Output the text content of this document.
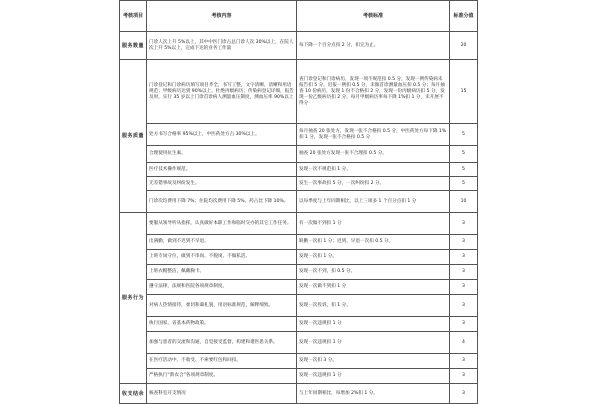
考核项目	考核内容	考核标准	标准分值
服务数量	门诊人次上升 5%以上，其中中医门诊占总门诊人次 30%以上，在院人次上升 5%以上，完成下达的业务工作量	每下降一个百分点扣 2 分，扣完为止。	20
服务质量	门诊登记和门诊病历填写项目齐全，书写工整，文字清晰，清晰和用语规范；甲级病历达到 90%以上，杜绝丙级病历；传染病登记详细，报告及时，实行 35 岁以上门诊首诊病人测量血压制度，测血压率 90%以上	查门诊登记和门诊病历，发现一项不规范扣 0.5 分，发现一例传染病未报告扣 5 分，迟报一例扣 0.5 分，未做首诊测量血压扣 0.5 分；每月抽查 10 份病历，发现 1 份不合格扣 2 分，发现一份丙级病历扣 5 分，发现一份乙级病历扣 2 分，每月甲级病历率每下降 1%扣 1 分，未开展不得分	15
	处方书写合格率 95%以上，中医药处方占 30%以上。	每月抽查 20 张处方，发现一张不合格扣 0.5 分，中医药处方每下降 1%扣 1 分，发现一张不合格扣 0.5 分	5
	合理使用抗生素。	抽查 20 张处方发现一张不合理扣 0.5 分。	5
	医疗技术操作规范。	发现一次不规范扣 1 分。	5
	无差错事故及纠纷发生。	发生一次事故扣 5 分，一次纠纷扣 2 分。	5
	门诊次均费用下降 7%；住院均次费用下降 5%，药占比下降 10%。	以每季度与上年同期相比，以上三项多 1 个百分点扣 1 分	10
服务行为	要服从领导听从指挥，认真做好本职工作和临时交办的其它工作任务。	有一次做不到扣 1 分	3
	出满勤，做到不迟到不早退。	缺勤一次扣 1 分；迟到、早退一次扣 0.5 分。	3
	上班专岗守位，做到不串岗、不脱岗，不做私活。	发现一次扣 1 分。	3
	上班衣帽整洁，佩戴胸卡。	发现一次不到，扣 0.5 分。	3
	遵守法律，法规和医院各项规章制度。	发现一次做不到扣 1 分	3
	对病人热情接待，柔切和蔼礼貌，用语标准规范，解释细致。	发现一次投诉，扣 1 分。	3
	执行国家，省基本药物政策。	发现一次违规扣 1 分	3
	加强与患者的交流和沟通，自觉接受监督，构建和谐医患关系。	发现一次违规扣 1 分	4
	在医疗活动中，不收受、不索要红包和回扣。	发现一次扣 3 分。	3
	严格执行“新农合”各项规章制度。	发现一次违规扣 1 分	3
收支结余	核查科室开支情况	与上年同期相比，每增加 2%扣 1 分。	3
